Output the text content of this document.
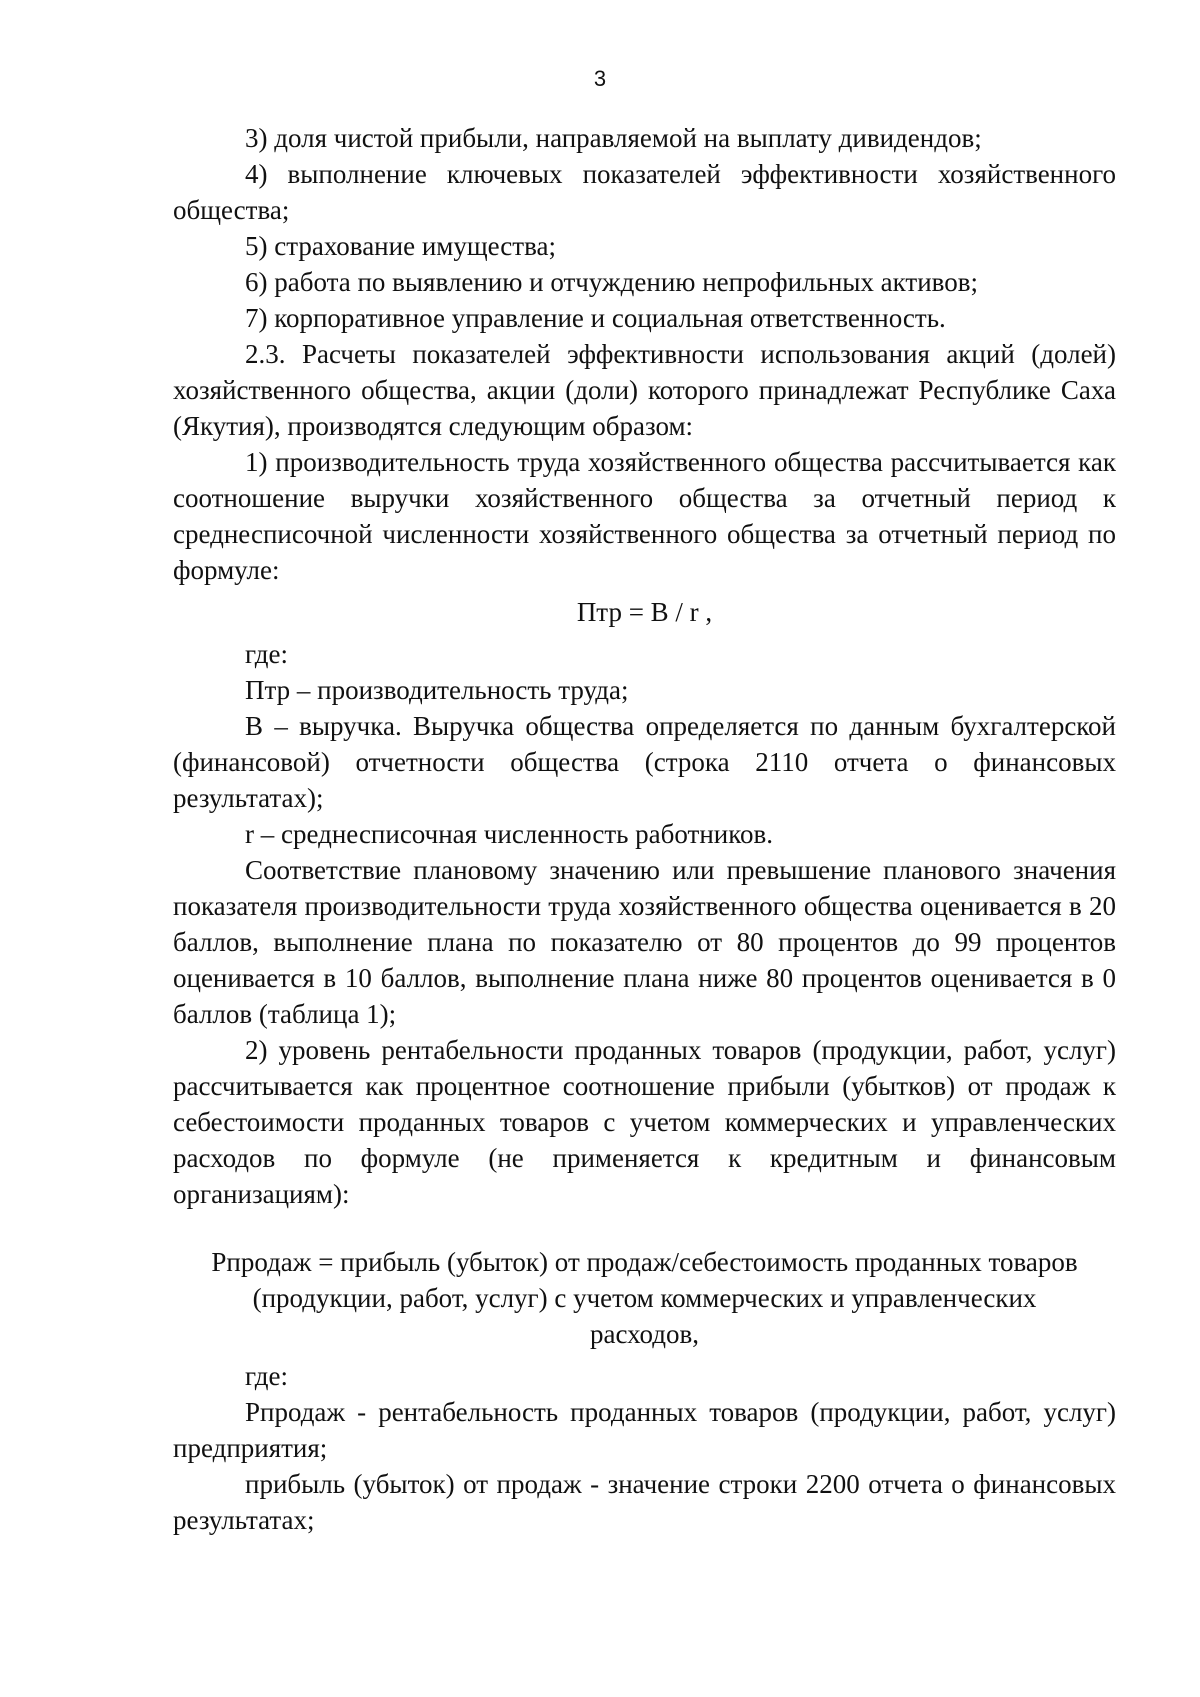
3

3) доля чистой прибыли, направляемой на выплату дивидендов;

4) выполнение ключевых показателей эффективности хозяйственного общества;

5) страхование имущества;

6) работа по выявлению и отчуждению непрофильных активов;

7) корпоративное управление и социальная ответственность.

2.3. Расчеты показателей эффективности использования акций (долей) хозяйственного общества, акции (доли) которого принадлежат Республике Саха (Якутия), производятся следующим образом:

1) производительность труда хозяйственного общества рассчитывается как соотношение выручки хозяйственного общества за отчетный период к среднесписочной численности хозяйственного общества за отчетный период по формуле:

Птр = В / r ,

где:

Птр – производительность труда;

В – выручка. Выручка общества определяется по данным бухгалтерской (финансовой) отчетности общества (строка 2110 отчета о финансовых результатах);

r – среднесписочная численность работников.

Соответствие плановому значению или превышение планового значения показателя производительности труда хозяйственного общества оценивается в 20 баллов, выполнение плана по показателю от 80 процентов до 99 процентов оценивается в 10 баллов, выполнение плана ниже 80 процентов оценивается в 0 баллов (таблица 1);

2) уровень рентабельности проданных товаров (продукции, работ, услуг) рассчитывается как процентное соотношение прибыли (убытков) от продаж к себестоимости проданных товаров с учетом коммерческих и управленческих расходов по формуле (не применяется к кредитным и финансовым организациям):

Рпродаж = прибыль (убыток) от продаж/себестоимость проданных товаров
(продукции, работ, услуг) с учетом коммерческих и управленческих
расходов,

где:

Рпродаж - рентабельность проданных товаров (продукции, работ, услуг) предприятия;

прибыль (убыток) от продаж - значение строки 2200 отчета о финансовых результатах;
